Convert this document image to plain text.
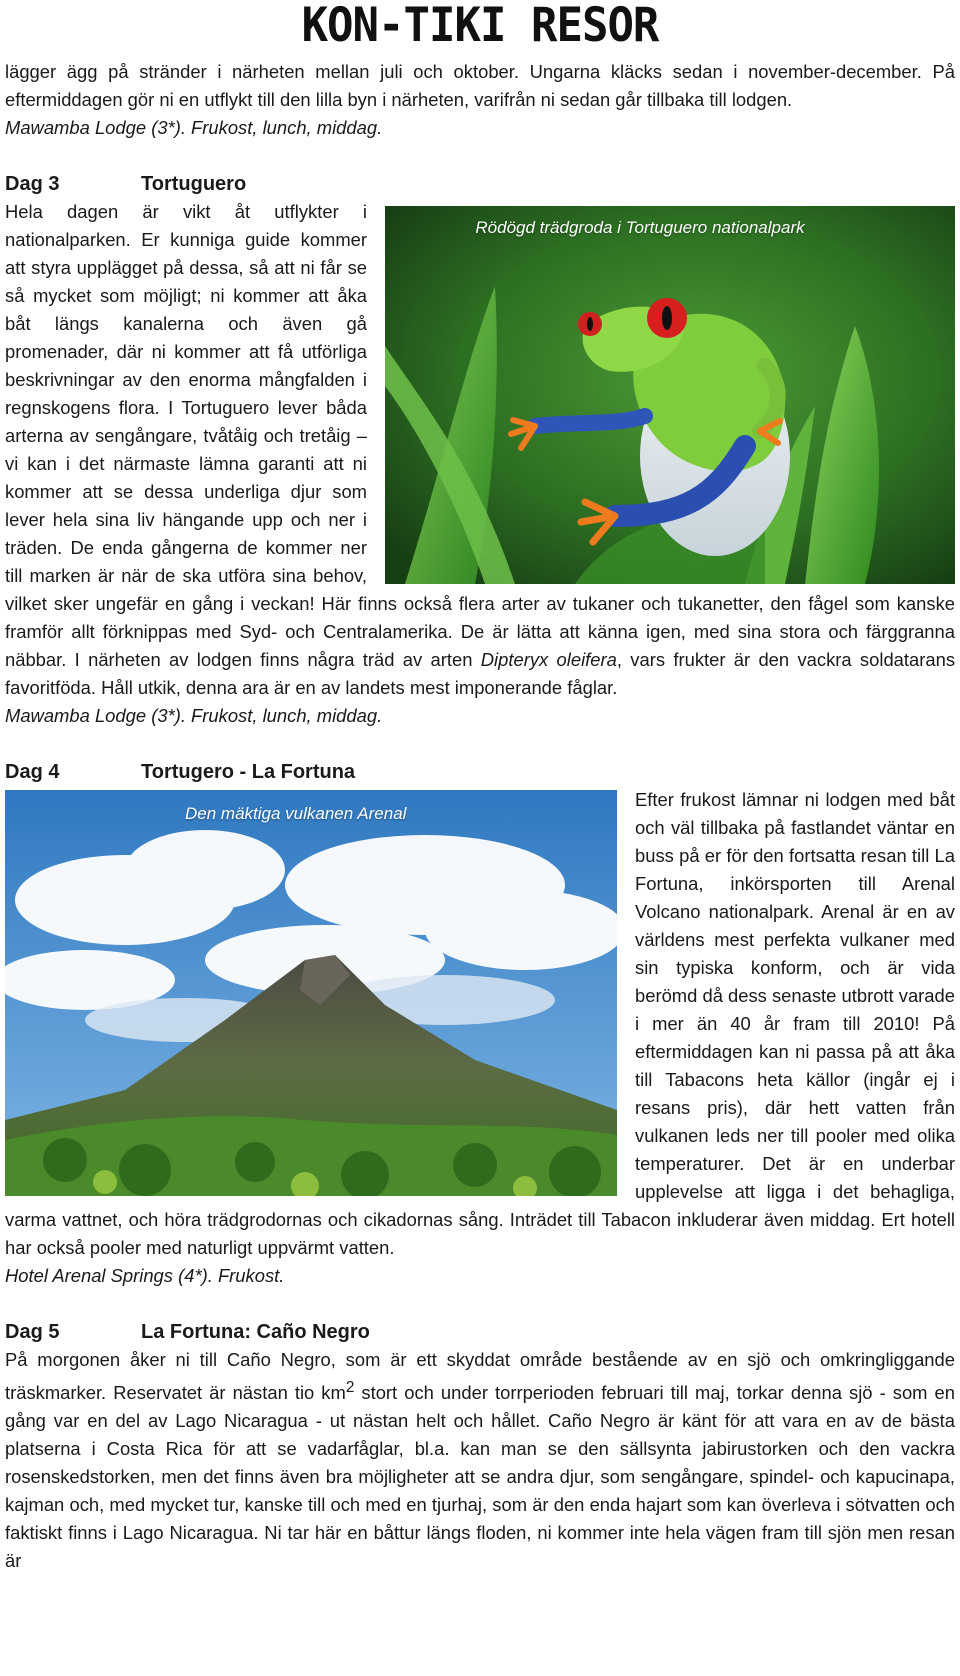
KON-TIKI RESOR

lägger ägg på stränder i närheten mellan juli och oktober. Ungarna kläcks sedan i november-december. På eftermiddagen gör ni en utflykt till den lilla byn i närheten, varifrån ni sedan går tillbaka till lodgen.

Mawamba Lodge (3*). Frukost, lunch, middag.

Dag 3	Tortuguero
Rödögd trädgroda i Tortuguero nationalpark

Hela dagen är vikt åt utflykter i nationalparken. Er kunniga guide kommer att styra upplägget på dessa, så att ni får se så mycket som möjligt; ni kommer att åka båt längs kanalerna och även gå promenader, där ni kommer att få utförliga beskrivningar av den enorma mångfalden i regnskogens flora. I Tortuguero lever båda arterna av sengångare, tvåtåig och tretåig – vi kan i det närmaste lämna garanti att ni kommer att se dessa underliga djur som lever hela sina liv hängande upp och ner i träden. De enda gångerna de kommer ner till marken är när de ska utföra sina behov, vilket sker ungefär en gång i veckan! Här finns också flera arter av tukaner och tukanetter, den fågel som kanske framför allt förknippas med Syd- och Centralamerika. De är lätta att känna igen, med sina stora och färggranna näbbar. I närheten av lodgen finns några träd av arten Dipteryx oleifera, vars frukter är den vackra soldatarans favoritföda. Håll utkik, denna ara är en av landets mest imponerande fåglar.

Mawamba Lodge (3*). Frukost, lunch, middag.

Dag 4	Tortugero - La Fortuna
Den mäktiga vulkanen Arenal

Efter frukost lämnar ni lodgen med båt och väl tillbaka på fastlandet väntar en buss på er för den fortsatta resan till La Fortuna, inkörsporten till Arenal Volcano nationalpark. Arenal är en av världens mest perfekta vulkaner med sin typiska konform, och är vida berömd då dess senaste utbrott varade i mer än 40 år fram till 2010! På eftermiddagen kan ni passa på att åka till Tabacons heta källor (ingår ej i resans pris), där hett vatten från vulkanen leds ner till pooler med olika temperaturer. Det är en underbar upplevelse att ligga i det behagliga, varma vattnet, och höra trädgrodornas och cikadornas sång. Inträdet till Tabacon inkluderar även middag. Ert hotell har också pooler med naturligt uppvärmt vatten.

Hotel Arenal Springs (4*). Frukost.

Dag 5	La Fortuna: Caño Negro

På morgonen åker ni till Caño Negro, som är ett skyddat område bestående av en sjö och omkringliggande träskmarker. Reservatet är nästan tio $km^2$ stort och under torrperioden februari till maj, torkar denna sjö - som en gång var en del av Lago Nicaragua - ut nästan helt och hållet. Caño Negro är känt för att vara en av de bästa platserna i Costa Rica för att se vadarfåglar, bl.a. kan man se den sällsynta jabirustorken och den vackra rosenskedstorken, men det finns även bra möjligheter att se andra djur, som sengångare, spindel- och kapucinapa, kajman och, med mycket tur, kanske till och med en tjurhaj, som är den enda hajart som kan överleva i sötvatten och faktiskt finns i Lago Nicaragua. Ni tar här en båttur längs floden, ni kommer inte hela vägen fram till sjön men resan är
